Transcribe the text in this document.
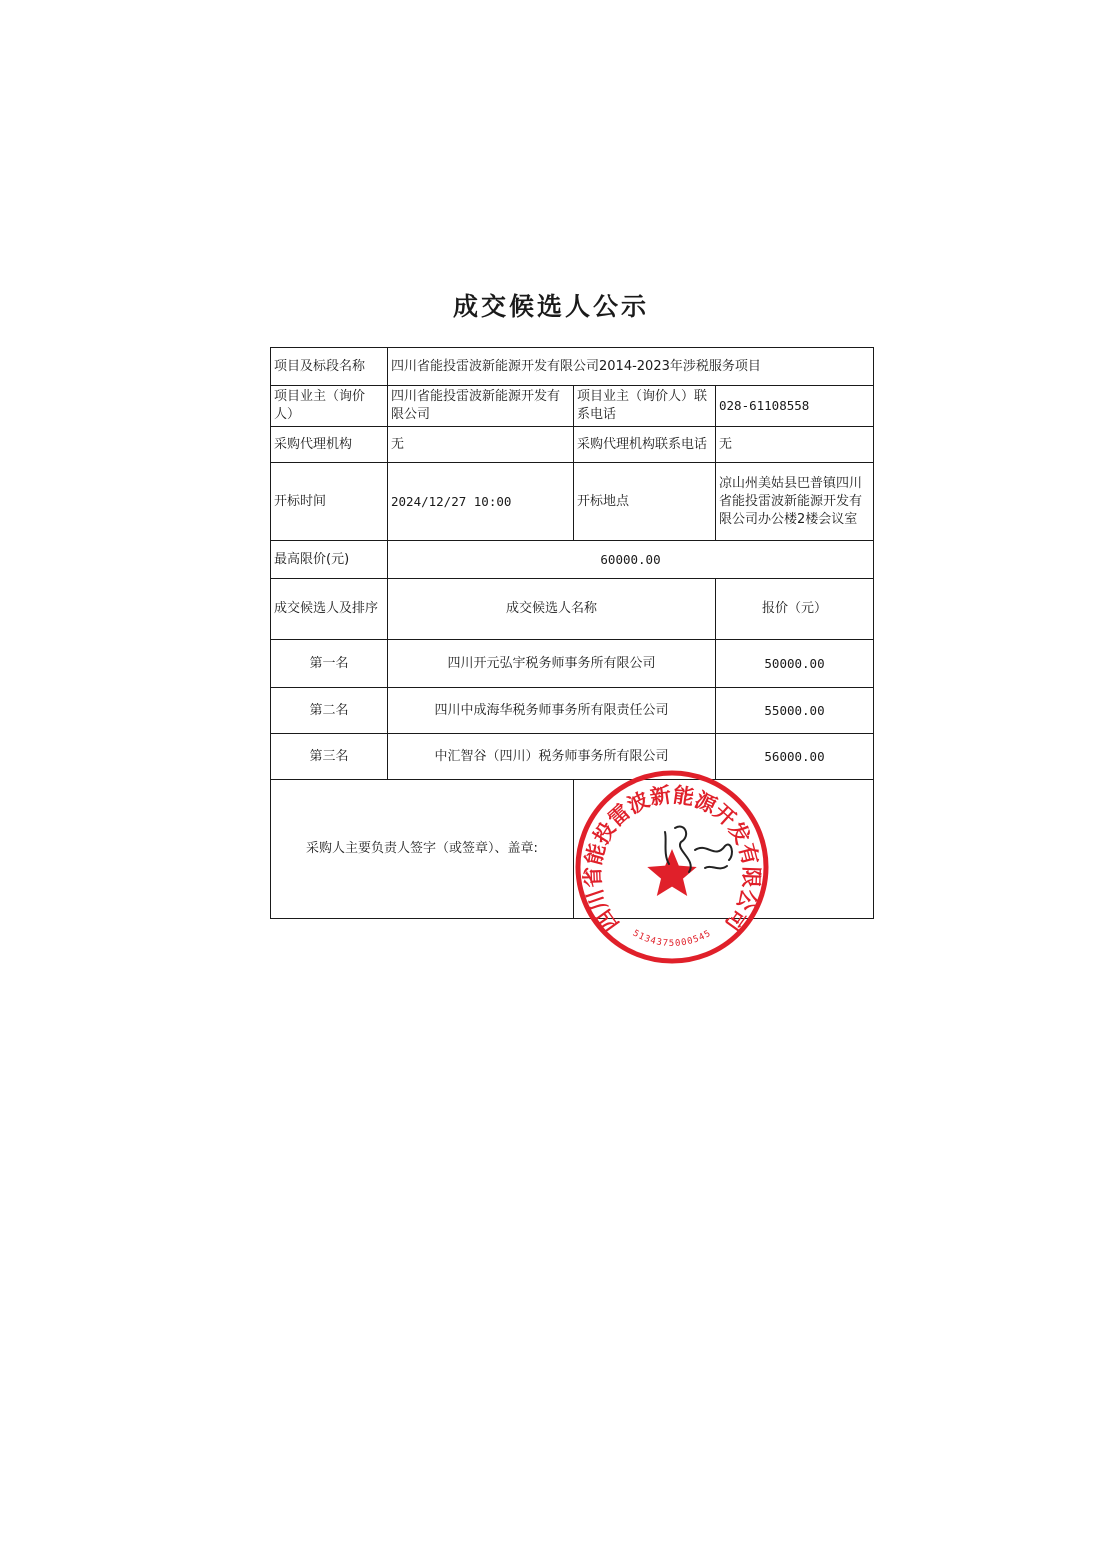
成交候选人公示
项目及标段名称	四川省能投雷波新能源开发有限公司2014-2023年涉税服务项目		
项目业主（询价人）	四川省能投雷波新能源开发有限公司	项目业主（询价人）联系电话	028-61108558
采购代理机构	无	采购代理机构联系电话	无
开标时间	2024/12/27 10:00	开标地点	凉山州美姑县巴普镇四川省能投雷波新能源开发有限公司办公楼2楼会议室
最高限价(元)	60000.00		
成交候选人及排序	成交候选人名称		报价（元）
第一名	四川开元弘宇税务师事务所有限公司		50000.00
第二名	四川中成海华税务师事务所有限责任公司		55000.00
第三名	中汇智谷（四川）税务师事务所有限公司		56000.00
采购人主要负责人签字（或签章）、盖章:			
四川省能投雷波新能源开发有限公司
5134375000545
